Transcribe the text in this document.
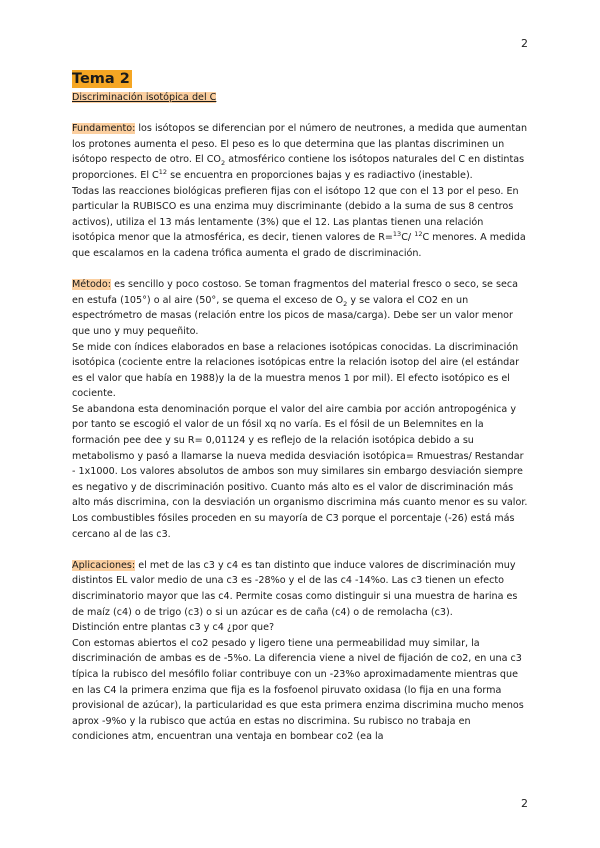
2
Tema 2
Discriminación isotópica del C

Fundamento: los isótopos se diferencian por el número de neutrones, a medida que aumentan los protones aumenta el peso. El peso es lo que determina que las plantas discriminen un isótopo respecto de otro. El $CO_2$ atmosférico contiene los isótopos naturales del C en distintas proporciones. El $C^{12}$ se encuentra en proporciones bajas y es radiactivo (inestable).

Todas las reacciones biológicas prefieren fijas con el isótopo 12 que con el 13 por el peso. En particular la RUBISCO es una enzima muy discriminante (debido a la suma de sus 8 centros activos), utiliza el 13 más lentamente (3%) que el 12. Las plantas tienen una relación isotópica menor que la atmosférica, es decir, tienen valores de R=$^{13}$C/ $^{12}$C menores. A medida que escalamos en la cadena trófica aumenta el grado de discriminación.

Método: es sencillo y poco costoso. Se toman fragmentos del material fresco o seco, se seca en estufa (105°) o al aire (50°, se quema el exceso de $O_2$ y se valora el CO2 en un espectrómetro de masas (relación entre los picos de masa/carga). Debe ser un valor menor que uno y muy pequeñito.

Se mide con índices elaborados en base a relaciones isotópicas conocidas. La discriminación isotópica (cociente entre la relaciones isotópicas entre la relación isotop del aire (el estándar es el valor que había en 1988)y la de la muestra menos 1 por mil). El efecto isotópico es el cociente.

Se abandona esta denominación porque el valor del aire cambia por acción antropogénica y por tanto se escogió el valor de un fósil xq no varía. Es el fósil de un Belemnites en la formación pee dee y su R= 0,01124 y es reflejo de la relación isotópica debido a su metabolismo y pasó a llamarse la nueva medida desviación isotópica= Rmuestras/ Restandar - 1x1000. Los valores absolutos de ambos son muy similares sin embargo desviación siempre es negativo y de discriminación positivo. Cuanto más alto es el valor de discriminación más alto más discrimina, con la desviación un organismo discrimina más cuanto menor es su valor. Los combustibles fósiles proceden en su mayoría de C3 porque el porcentaje (-26) está más cercano al de las c3.

Aplicaciones: el met de las c3 y c4 es tan distinto que induce valores de discriminación muy distintos EL valor medio de una c3 es -28%o y el de las c4 -14%o. Las c3 tienen un efecto discriminatorio mayor que las c4. Permite cosas como distinguir si una muestra de harina es de maíz (c4) o de trigo (c3) o si un azúcar es de caña (c4) o de remolacha (c3).

Distinción entre plantas c3 y c4 ¿por que?

Con estomas abiertos el co2 pesado y ligero tiene una permeabilidad muy similar, la discriminación de ambas es de -5%o. La diferencia viene a nivel de fijación de co2, en una c3 típica la rubisco del mesófilo foliar contribuye con un -23%o aproximadamente mientras que en las C4 la primera enzima que fija es la fosfoenol piruvato oxidasa (lo fija en una forma provisional de azúcar), la particularidad es que esta primera enzima discrimina mucho menos aprox -9%o y la rubisco que actúa en estas no discrimina. Su rubisco no trabaja en condiciones atm, encuentran una ventaja en bombear co2 (ea la

2
